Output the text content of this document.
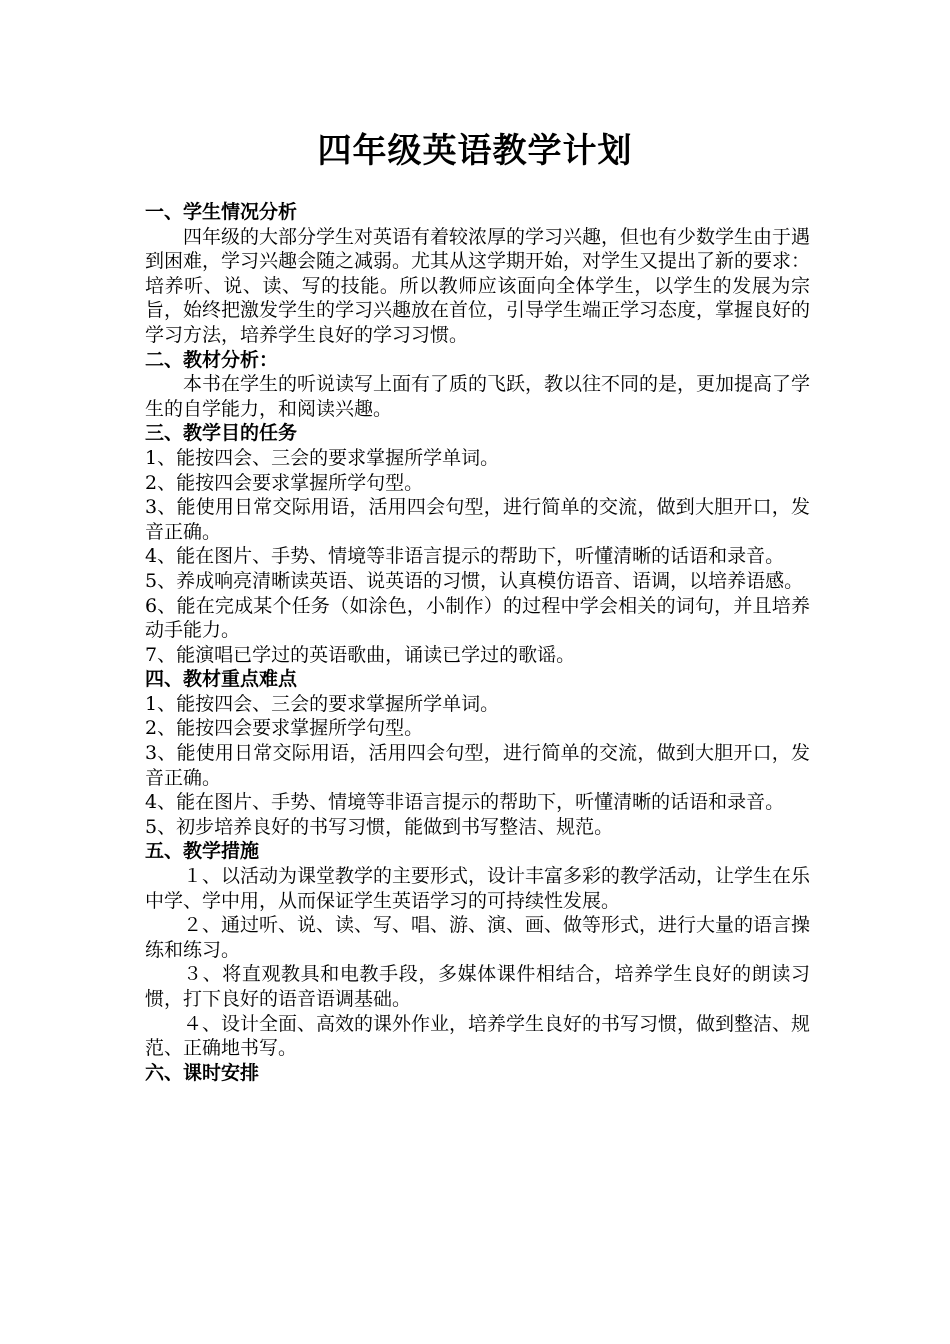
四年级英语教学计划

一、学生情况分析

四年级的大部分学生对英语有着较浓厚的学习兴趣，但也有少数学生由于遇到困难，学习兴趣会随之减弱。尤其从这学期开始，对学生又提出了新的要求：培养听、说、读、写的技能。所以教师应该面向全体学生，以学生的发展为宗旨，始终把激发学生的学习兴趣放在首位，引导学生端正学习态度，掌握良好的学习方法，培养学生良好的学习习惯。

二、教材分析：

本书在学生的听说读写上面有了质的飞跃，教以往不同的是，更加提高了学生的自学能力，和阅读兴趣。

三、教学目的任务

1、能按四会、三会的要求掌握所学单词。

2、能按四会要求掌握所学句型。

3、能使用日常交际用语，活用四会句型，进行简单的交流，做到大胆开口，发音正确。

4、能在图片、手势、情境等非语言提示的帮助下，听懂清晰的话语和录音。

5、养成响亮清晰读英语、说英语的习惯，认真模仿语音、语调，以培养语感。

6、能在完成某个任务（如涂色，小制作）的过程中学会相关的词句，并且培养动手能力。

7、能演唱已学过的英语歌曲，诵读已学过的歌谣。

四、教材重点难点

1、能按四会、三会的要求掌握所学单词。

2、能按四会要求掌握所学句型。

3、能使用日常交际用语，活用四会句型，进行简单的交流，做到大胆开口，发音正确。

4、能在图片、手势、情境等非语言提示的帮助下，听懂清晰的话语和录音。

5、初步培养良好的书写习惯，能做到书写整洁、规范。

五、教学措施

１、以活动为课堂教学的主要形式，设计丰富多彩的教学活动，让学生在乐中学、学中用，从而保证学生英语学习的可持续性发展。

２、通过听、说、读、写、唱、游、演、画、做等形式，进行大量的语言操练和练习。

３、将直观教具和电教手段，多媒体课件相结合，培养学生良好的朗读习惯，打下良好的语音语调基础。

４、设计全面、高效的课外作业，培养学生良好的书写习惯，做到整洁、规范、正确地书写。

六、课时安排
